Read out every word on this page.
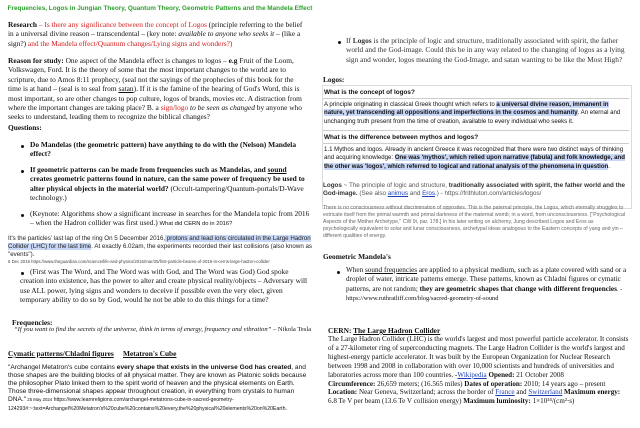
Frequencies, Logos in Jungian Theory, Quantum Theory, Geometric Patterns and the Mandela Effect
Research – Is there any significance between the concept of Logos (principle referring to the belief in a universal divine reason – transcendental – (key note: available to anyone who seeks it – (like a sign?) and the Mandela effect/Quantum changes/Lying signs and wonders?)
Reason for study: One aspect of the Mandela effect is changes to logos – e.g Fruit of the Loom, Volkswagen, Ford. It is the theory of some that the most important changes to the world are to scripture, due to Amos 8:11 prophecy, (seal not the sayings of the prophecies of this book for the time is at hand – (seal is to seal from satan). If it is the famine of the hearing of God's Word, this is most important, so are other changes to pop culture, logos of brands, movies etc. A distraction from where the important changes are taking place? B. a sign/logo to be seen as changed by anyone who seeks to understand, leading them to recognize the biblical changes?
Questions:
Do Mandelas (the geometric pattern) have anything to do with the (Nelson) Mandela effect?
If geometric patterns can be made from frequencies such as Mandelas, and sound creates geometric patterns found in nature, can the same power of frequency be used to alter physical objects in the material world? (Occult-tampering/Quantum-portals/D-Wave technology.)
(Keynote: Algorithms show a significant increase in searches for the Mandela topic from 2016 – when the Hadron collider was first used.) What did CERN do in 2016?
It's the particles' last lap of the ring On 5 December 2016, protons and lead ions circulated in the Large Hadron Collider (LHC) for the last time. At exactly 6.02am, the experiments recorded their last collisions (also known as "events").
6 Dec 2016 https://www.theguardian.com/science/life-and-physics/2016/mar/25/first-particle-beams-of-2016-in-cerns-large-hadron-collider
(First was The Word, and The Word was with God, and The Word was God) God spoke creation into existence, has the power to alter and create physical reality/objects – Adversary will use ALL power, lying signs and wonders to deceive if possible even the very elect, given temporary ability to do so by God, would he not be able to do this things for a time?
Frequencies:
“If you want to find the secrets of the universe, think in terms of energy, frequency and vibration” – Nikola Tesla
Cymatic patterns/Chladni figures Metatron's Cube
"Archangel Metatron's cube contains every shape that exists in the universe God has created, and those shapes are the building blocks of all physical matter. They are known as Platonic solids because the philosopher Plato linked them to the spirit world of heaven and the physical elements on Earth. Those three-dimensional shapes appear throughout creation, in everything from crystals to human DNA." 25 May 2024 https://www.learnreligions.com/archangel-metatrons-cube-in-sacred-geometry-124293#:~:text=Archangel%20Metatron's%20cube%20contains%20every,the%20physical%20elements%20on%20Earth.
If Logos is the principle of logic and structure, traditionally associated with spirit, the father world and the God-image. Could this be in any way related to the changing of logos as a lying sign and wonder, logos meaning the God-Image, and satan wanting to be like the Most High?
Logos:
What is the concept of logos?
A principle originating in classical Greek thought which refers to a universal divine reason, immanent in nature, yet transcending all oppositions and imperfections in the cosmos and humanity. An eternal and unchanging truth present from the time of creation, available to every individual who seeks it.
What is the difference between mythos and logos?
1.1 Mythos and logos. Already in ancient Greece it was recognized that there were two distinct ways of thinking and acquiring knowledge: One was 'mythos', which relied upon narrative (fabula) and folk knowledge, and the other was 'logos', which referred to logical and rational analysis of the phenomena in question.
Logos ~ The principle of logic and structure, traditionally associated with spirit, the father world and the God-image. (See also animus and Eros.) - https://frithluton.com/articles/logos/
There is no consciousness without discrimination of opposites. This is the paternal principle, the Logos, which eternally struggles to extricate itself from the primal warmth and primal darkness of the maternal womb; in a word, from unconsciousness. ["Psychological Aspects of the Mother Archetype," CW 9i, par. 178.] In his later writing on alchemy, Jung described Logos and Eros as psychologically equivalent to solar and lunar consciousness, archetypal ideas analogous to the Eastern concepts of yang and yin – different qualities of energy.
Geometric Mandela's
When sound frequencies are applied to a physical medium, such as a plate covered with sand or a droplet of water, intricate patterns emerge. These patterns, known as Chladni figures or cymatic patterns, are not random; they are geometric shapes that change with different frequencies. - https://www.ruthratliff.com/blog/sacred-geometry-of-sound
CERN: The Large Hadron Collider
The Large Hadron Collider (LHC) is the world's largest and most powerful particle accelerator. It consists of a 27-kilometer ring of superconducting magnets. The Large Hadron Collider is the world's largest and highest-energy particle accelerator. It was built by the European Organization for Nuclear Research between 1998 and 2008 in collaboration with over 10,000 scientists and hundreds of universities and laboratories across more than 100 countries. -Wikipedia Opened: 21 October 2008
Circumference: 26,659 meters; (16.565 miles) Dates of operation: 2010; 14 years ago – present
Location: Near Geneva, Switzerland; across the border of France and Switzerland Maximum energy: 6.8 Te V per beam (13.6 Te V collision energy) Maximum luminosity: 1×10³⁴/(cm²⋅s)
